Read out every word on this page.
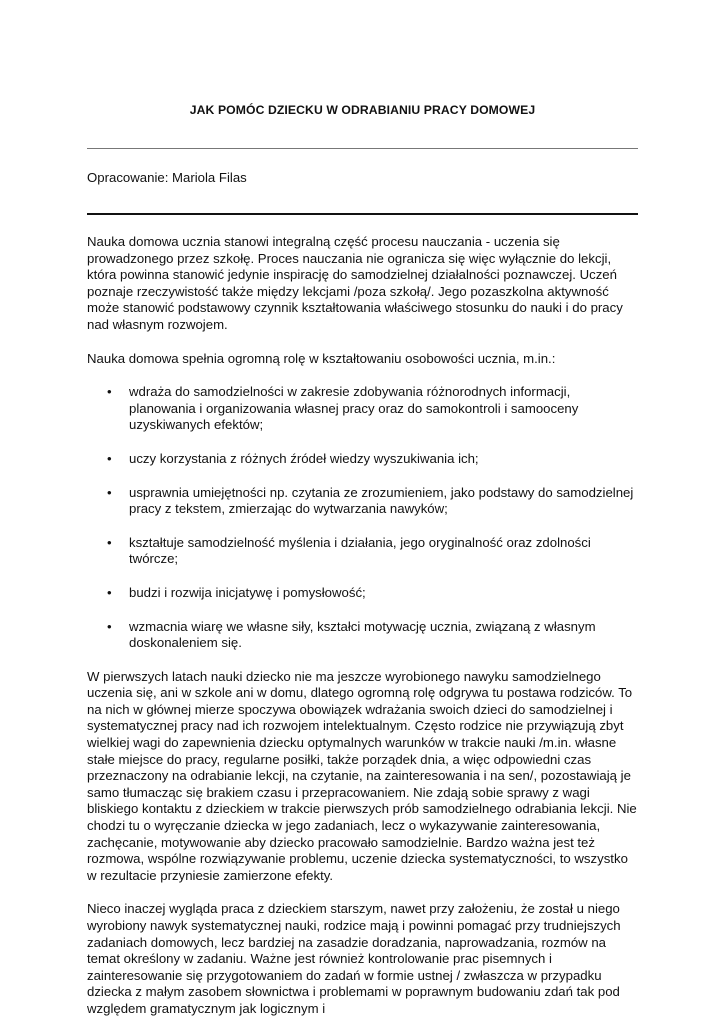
JAK POMÓC DZIECKU W ODRABIANIU PRACY DOMOWEJ
Opracowanie: Mariola Filas

Nauka domowa ucznia stanowi integralną część procesu nauczania - uczenia się prowadzonego przez szkołę. Proces nauczania nie ogranicza się więc wyłącznie do lekcji, która powinna stanowić jedynie inspirację do samodzielnej działalności poznawczej. Uczeń poznaje rzeczywistość także między lekcjami /poza szkołą/. Jego pozaszkolna aktywność może stanowić podstawowy czynnik kształtowania właściwego stosunku do nauki i do pracy nad własnym rozwojem.

Nauka domowa spełnia ogromną rolę w kształtowaniu osobowości ucznia, m.in.:

• wdraża do samodzielności w zakresie zdobywania różnorodnych informacji, planowania i organizowania własnej pracy oraz do samokontroli i samooceny uzyskiwanych efektów;
• uczy korzystania z różnych źródeł wiedzy wyszukiwania ich;
• usprawnia umiejętności np. czytania ze zrozumieniem, jako podstawy do samodzielnej pracy z tekstem, zmierzając do wytwarzania nawyków;
• kształtuje samodzielność myślenia i działania, jego oryginalność oraz zdolności twórcze;
• budzi i rozwija inicjatywę i pomysłowość;
• wzmacnia wiarę we własne siły, kształci motywację ucznia, związaną z własnym doskonaleniem się.

W pierwszych latach nauki dziecko nie ma jeszcze wyrobionego nawyku samodzielnego uczenia się, ani w szkole ani w domu, dlatego ogromną rolę odgrywa tu postawa rodziców. To na nich w głównej mierze spoczywa obowiązek wdrażania swoich dzieci do samodzielnej i systematycznej pracy nad ich rozwojem intelektualnym. Często rodzice nie przywiązują zbyt wielkiej wagi do zapewnienia dziecku optymalnych warunków w trakcie nauki /m.in. własne stałe miejsce do pracy, regularne posiłki, także porządek dnia, a więc odpowiedni czas przeznaczony na odrabianie lekcji, na czytanie, na zainteresowania i na sen/, pozostawiają je samo tłumacząc się brakiem czasu i przepracowaniem. Nie zdają sobie sprawy z wagi bliskiego kontaktu z dzieckiem w trakcie pierwszych prób samodzielnego odrabiania lekcji. Nie chodzi tu o wyręczanie dziecka w jego zadaniach, lecz o wykazywanie zainteresowania, zachęcanie, motywowanie aby dziecko pracowało samodzielnie. Bardzo ważna jest też rozmowa, wspólne rozwiązywanie problemu, uczenie dziecka systematyczności, to wszystko w rezultacie przyniesie zamierzone efekty.

Nieco inaczej wygląda praca z dzieckiem starszym, nawet przy założeniu, że został u niego wyrobiony nawyk systematycznej nauki, rodzice mają i powinni pomagać przy trudniejszych zadaniach domowych, lecz bardziej na zasadzie doradzania, naprowadzania, rozmów na temat określony w zadaniu. Ważne jest również kontrolowanie prac pisemnych i zainteresowanie się przygotowaniem do zadań w formie ustnej / zwłaszcza w przypadku dziecka z małym zasobem słownictwa i problemami w poprawnym budowaniu zdań tak pod względem gramatycznym jak logicznym i
